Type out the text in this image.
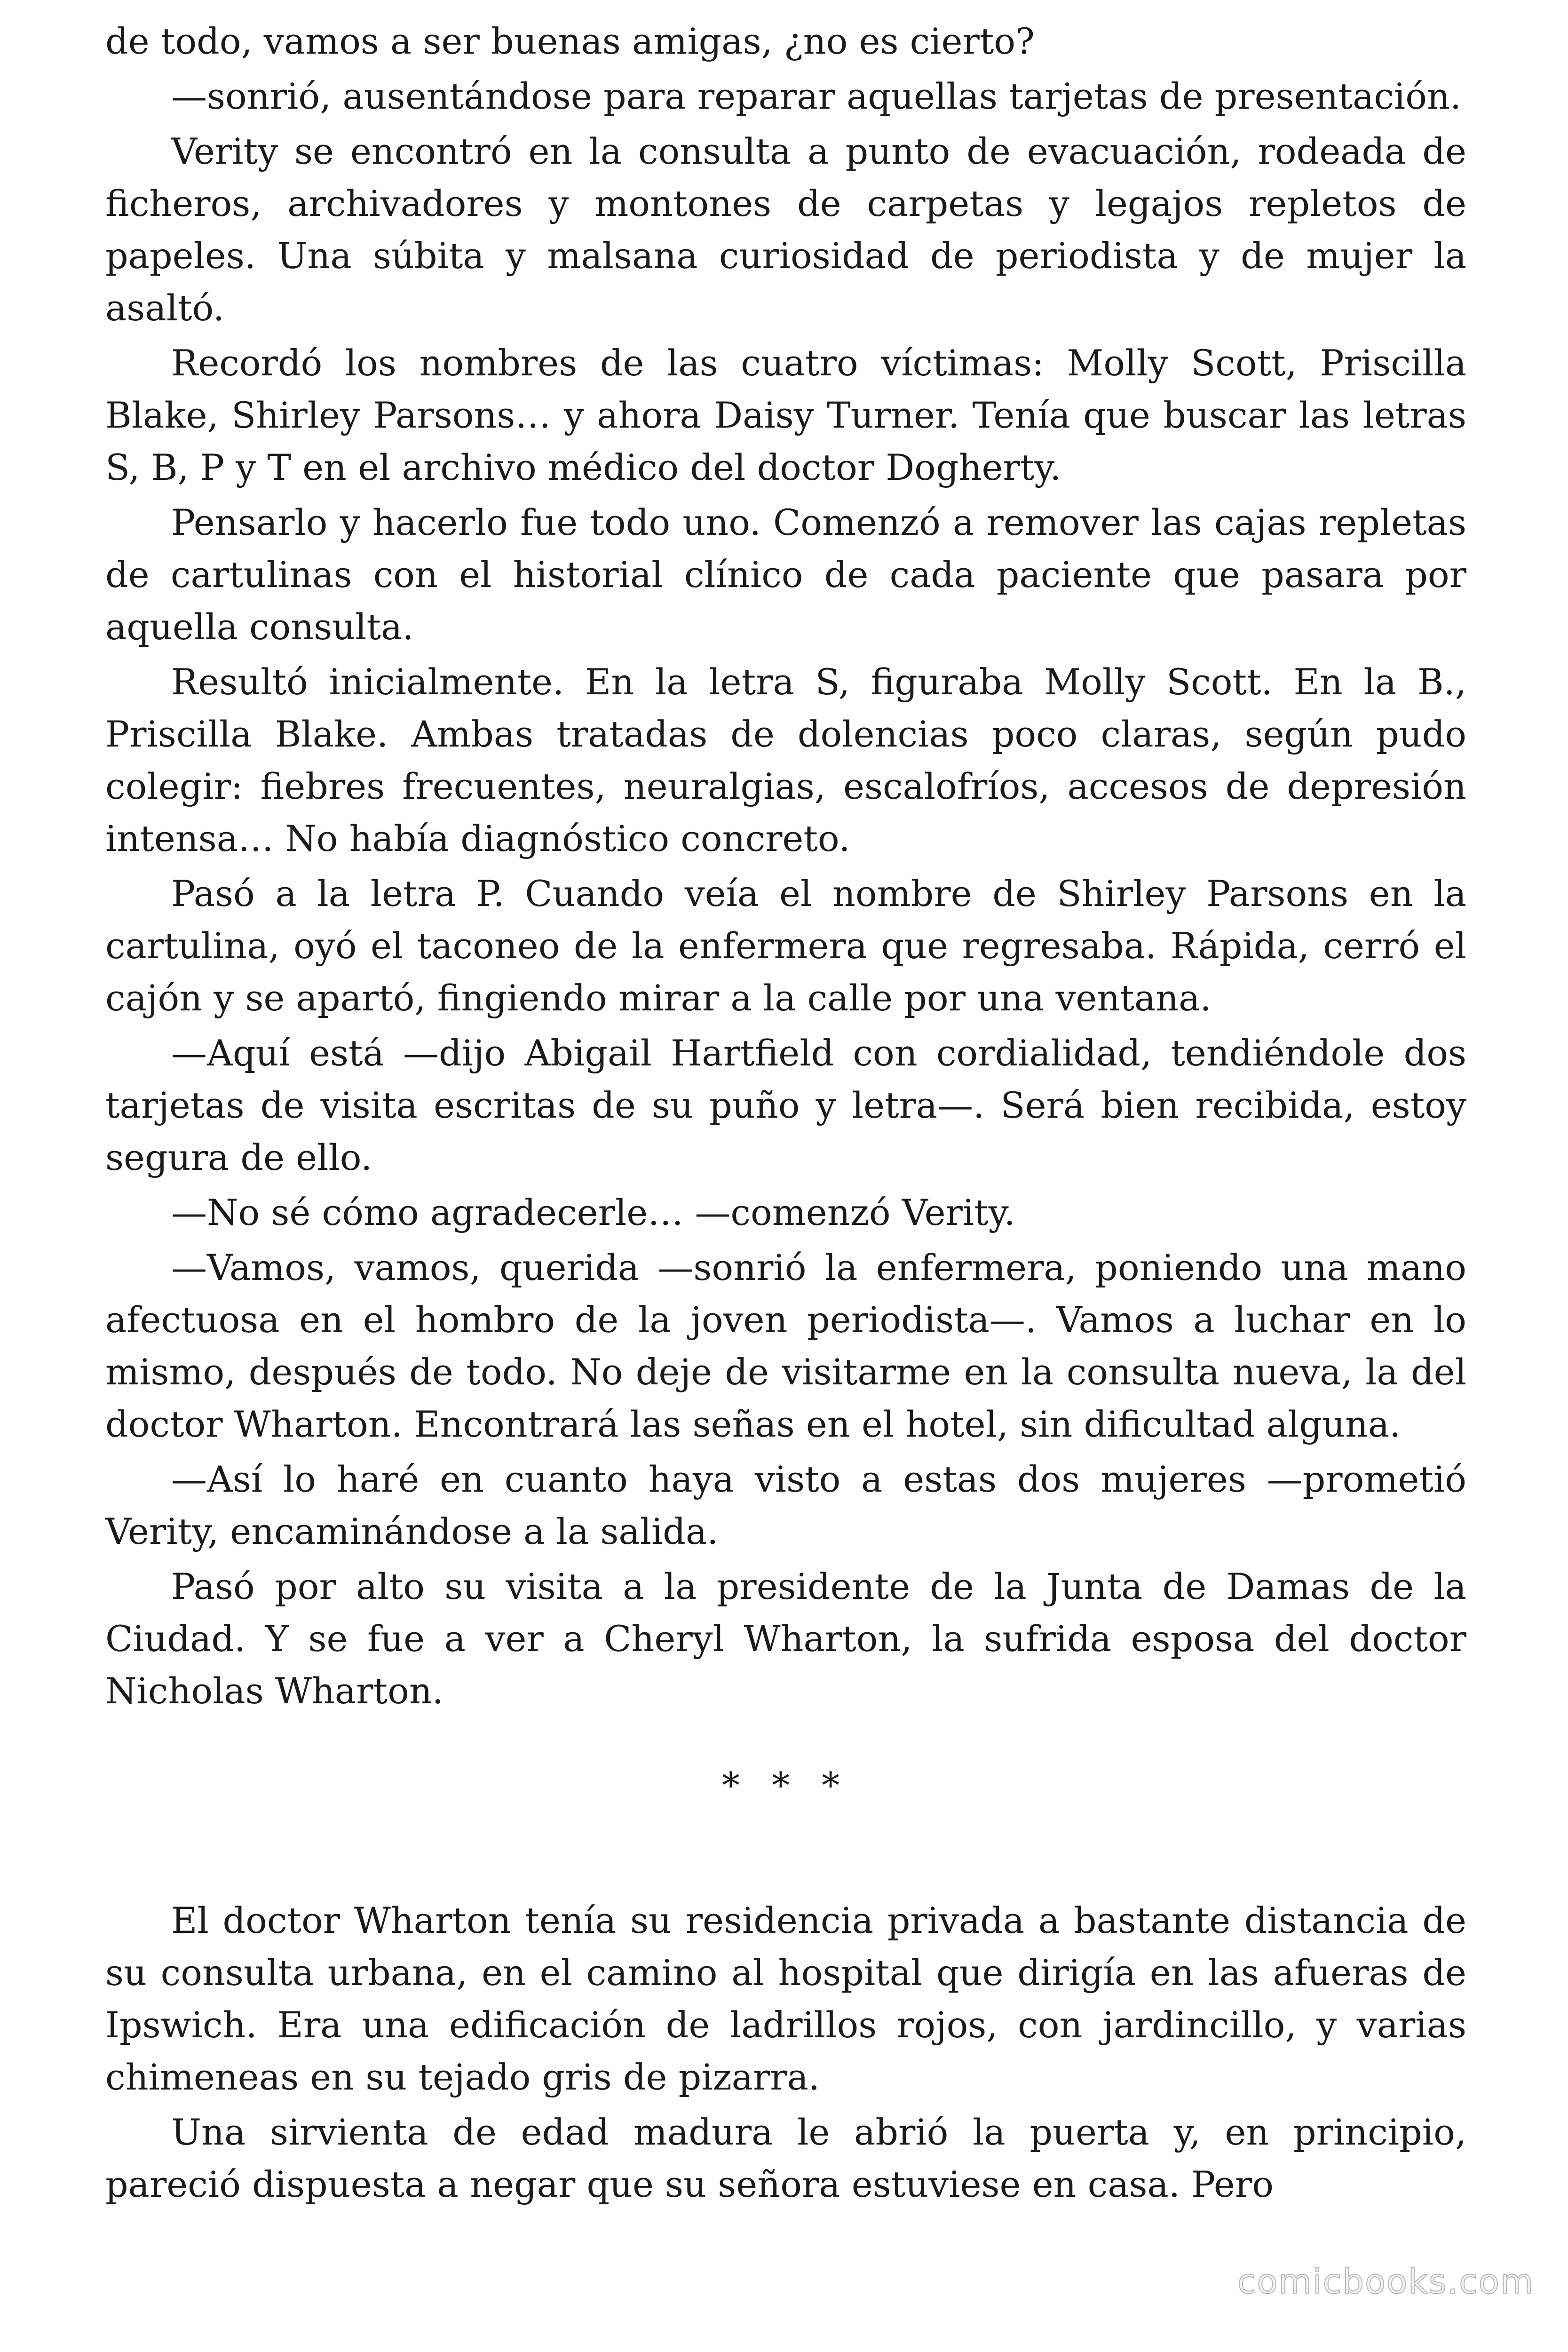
de todo, vamos a ser buenas amigas, ¿no es cierto?

—sonrió, ausentándose para reparar aquellas tarjetas de presentación.

Verity se encontró en la consulta a punto de evacuación, rodeada de ficheros, archivadores y montones de carpetas y legajos repletos de papeles. Una súbita y malsana curiosidad de periodista y de mujer la asaltó.

Recordó los nombres de las cuatro víctimas: Molly Scott, Priscilla Blake, Shirley Parsons… y ahora Daisy Turner. Tenía que buscar las letras S, B, P y T en el archivo médico del doctor Dogherty.

Pensarlo y hacerlo fue todo uno. Comenzó a remover las cajas repletas de cartulinas con el historial clínico de cada paciente que pasara por aquella consulta.

Resultó inicialmente. En la letra S, figuraba Molly Scott. En la B., Priscilla Blake. Ambas tratadas de dolencias poco claras, según pudo colegir: fiebres frecuentes, neuralgias, escalofríos, accesos de depresión intensa… No había diagnóstico concreto.

Pasó a la letra P. Cuando veía el nombre de Shirley Parsons en la cartulina, oyó el taconeo de la enfermera que regresaba. Rápida, cerró el cajón y se apartó, fingiendo mirar a la calle por una ventana.

—Aquí está —dijo Abigail Hartfield con cordialidad, tendiéndole dos tarjetas de visita escritas de su puño y letra—. Será bien recibida, estoy segura de ello.

—No sé cómo agradecerle… —comenzó Verity.

—Vamos, vamos, querida —sonrió la enfermera, poniendo una mano afectuosa en el hombro de la joven periodista—. Vamos a luchar en lo mismo, después de todo. No deje de visitarme en la consulta nueva, la del doctor Wharton. Encontrará las señas en el hotel, sin dificultad alguna.

—Así lo haré en cuanto haya visto a estas dos mujeres —prometió Verity, encaminándose a la salida.

Pasó por alto su visita a la presidente de la Junta de Damas de la Ciudad. Y se fue a ver a Cheryl Wharton, la sufrida esposa del doctor Nicholas Wharton.

* * *

El doctor Wharton tenía su residencia privada a bastante distancia de su consulta urbana, en el camino al hospital que dirigía en las afueras de Ipswich. Era una edificación de ladrillos rojos, con jardincillo, y varias chimeneas en su tejado gris de pizarra.

Una sirvienta de edad madura le abrió la puerta y, en principio, pareció dispuesta a negar que su señora estuviese en casa. Pero

comicbooks.com
